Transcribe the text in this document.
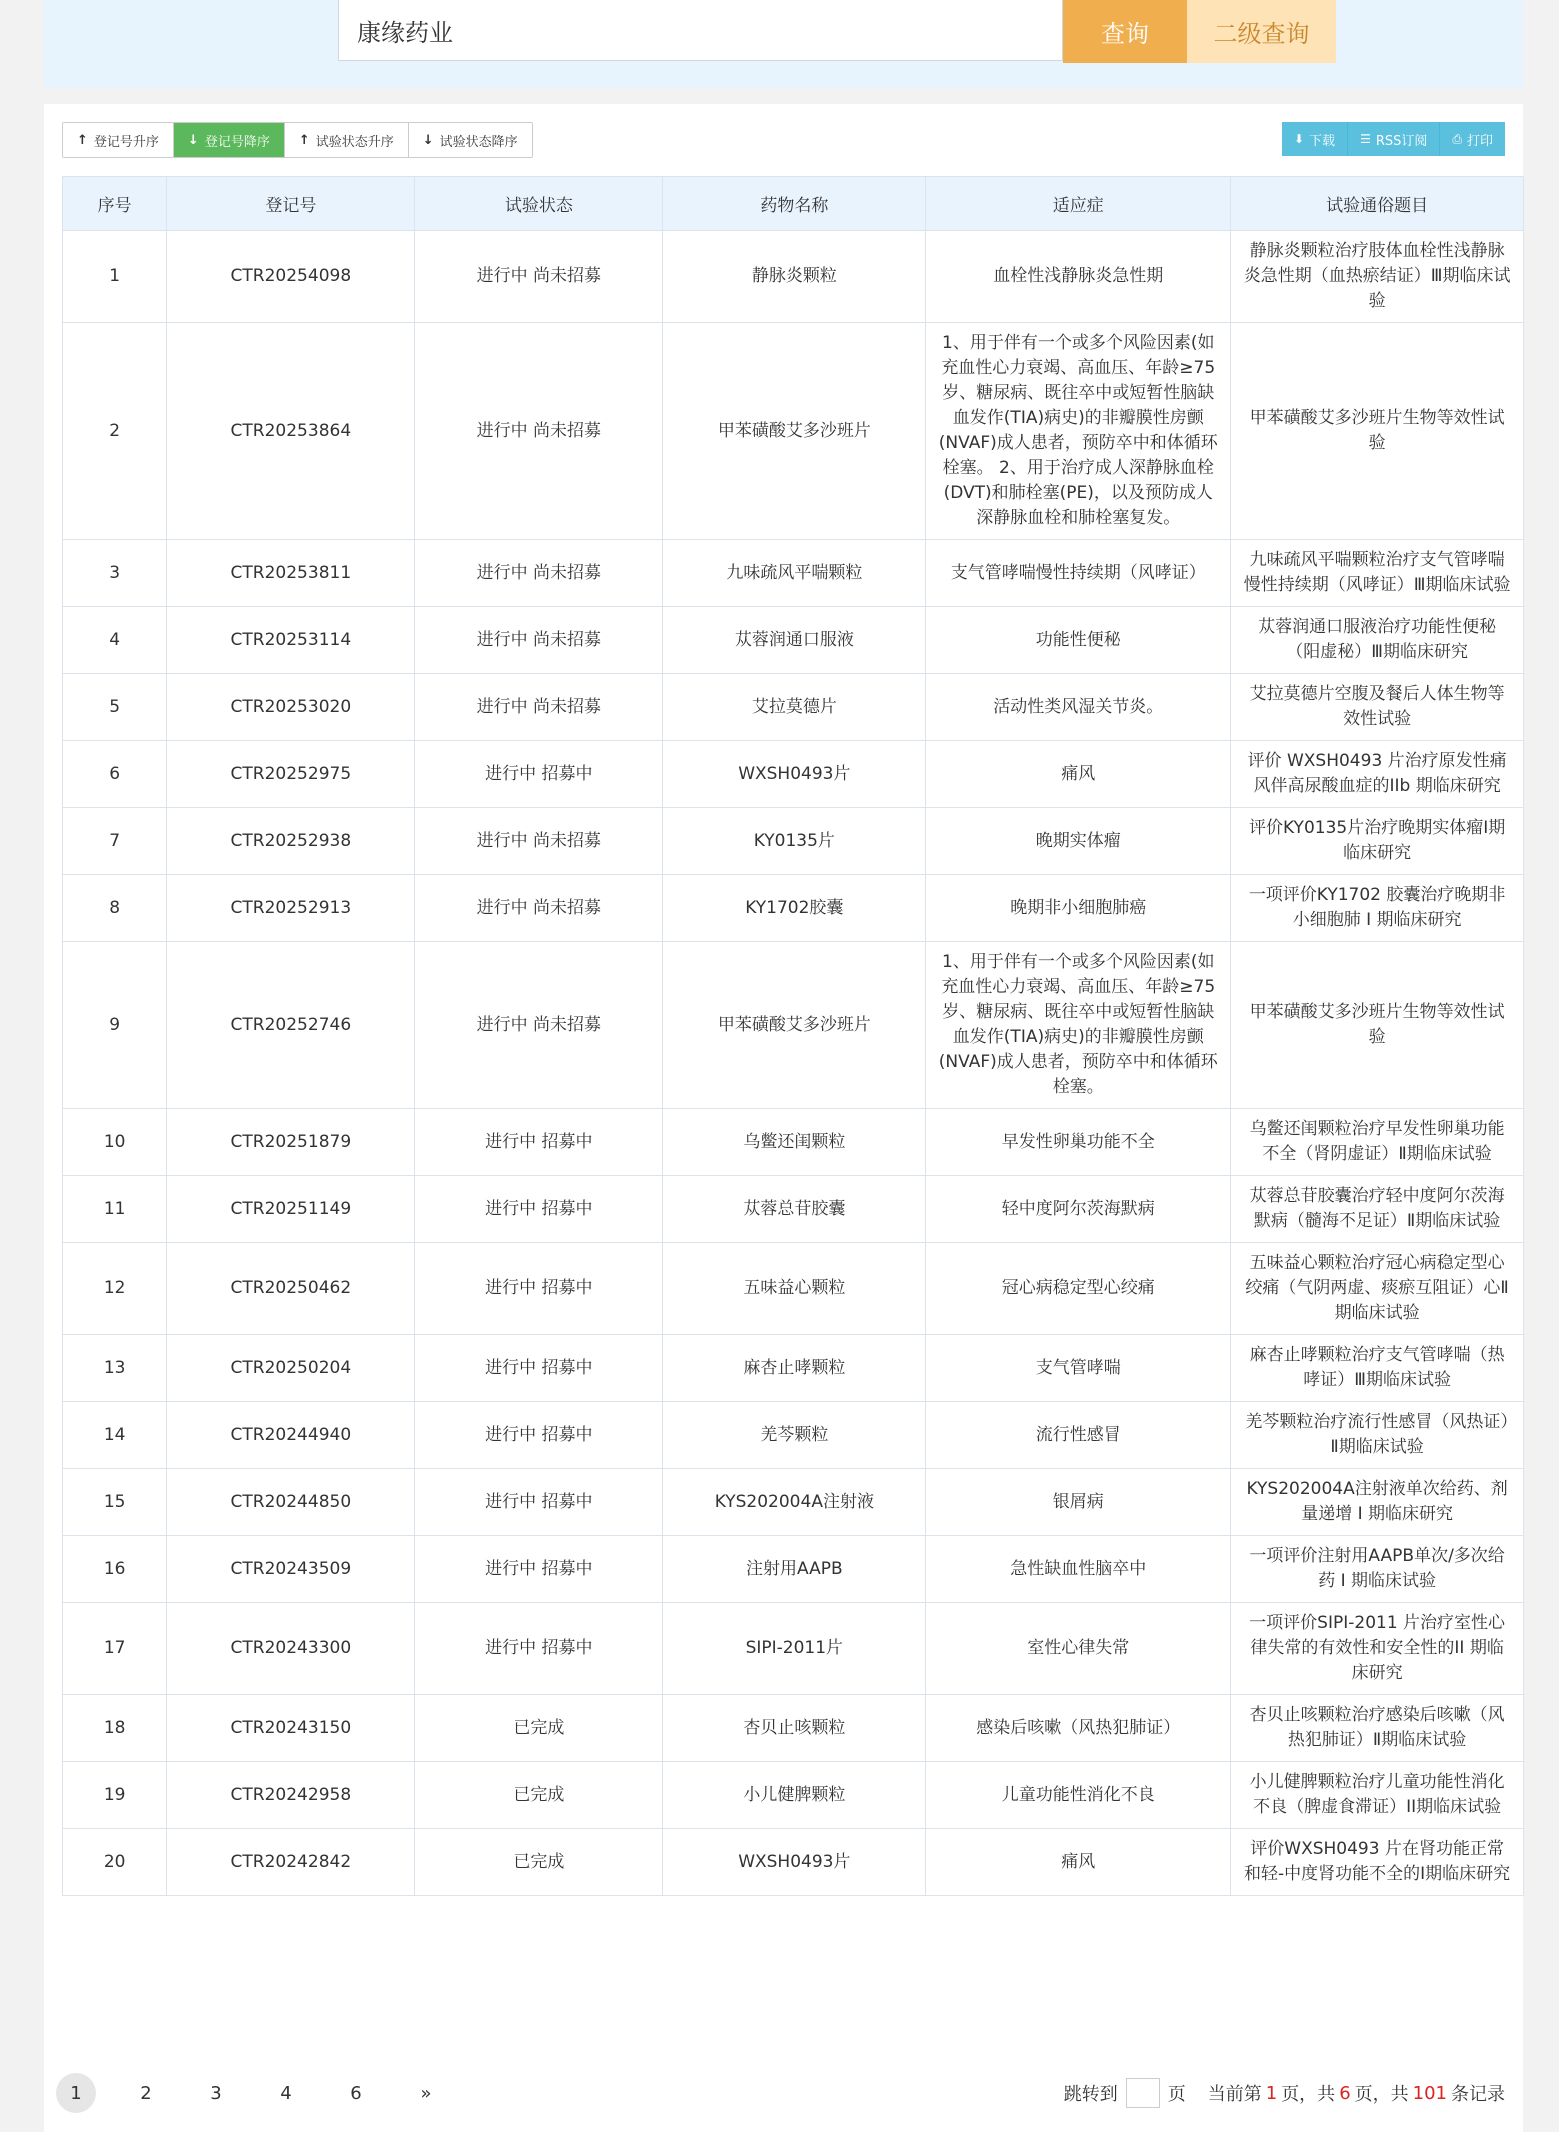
康缘药业
查询	二级查询
↑ 登记号升序 ↓ 登记号降序 ↑ 试验状态升序 ↓ 试验状态降序	⬇ 下载 ☰ RSS订阅 ⎙ 打印
序号	登记号	试验状态	药物名称	适应症	试验通俗题目
1	CTR20254098	进行中 尚未招募	静脉炎颗粒	血栓性浅静脉炎急性期	静脉炎颗粒治疗肢体血栓性浅静脉炎急性期（血热瘀结证）Ⅲ期临床试验
2	CTR20253864	进行中 尚未招募	甲苯磺酸艾多沙班片	1、用于伴有一个或多个风险因素(如充血性心力衰竭、高血压、年龄≥75岁、糖尿病、既往卒中或短暂性脑缺血发作(TIA)病史)的非瓣膜性房颤(NVAF)成人患者，预防卒中和体循环栓塞。 2、用于治疗成人深静脉血栓(DVT)和肺栓塞(PE)，以及预防成人深静脉血栓和肺栓塞复发。	甲苯磺酸艾多沙班片生物等效性试验
3	CTR20253811	进行中 尚未招募	九味疏风平喘颗粒	支气管哮喘慢性持续期（风哮证）	九味疏风平喘颗粒治疗支气管哮喘慢性持续期（风哮证）Ⅲ期临床试验
4	CTR20253114	进行中 尚未招募	苁蓉润通口服液	功能性便秘	苁蓉润通口服液治疗功能性便秘（阳虚秘）Ⅲ期临床研究
5	CTR20253020	进行中 尚未招募	艾拉莫德片	活动性类风湿关节炎。	艾拉莫德片空腹及餐后人体生物等效性试验
6	CTR20252975	进行中 招募中	WXSH0493片	痛风	评价 WXSH0493 片治疗原发性痛风伴高尿酸血症的IIb 期临床研究
7	CTR20252938	进行中 尚未招募	KY0135片	晚期实体瘤	评价KY0135片治疗晚期实体瘤I期临床研究
8	CTR20252913	进行中 尚未招募	KY1702胶囊	晚期非小细胞肺癌	一项评价KY1702 胶囊治疗晚期非小细胞肺 I 期临床研究
9	CTR20252746	进行中 尚未招募	甲苯磺酸艾多沙班片	1、用于伴有一个或多个风险因素(如充血性心力衰竭、高血压、年龄≥75岁、糖尿病、既往卒中或短暂性脑缺血发作(TIA)病史)的非瓣膜性房颤(NVAF)成人患者，预防卒中和体循环栓塞。	甲苯磺酸艾多沙班片生物等效性试验
10	CTR20251879	进行中 招募中	乌鳖还闺颗粒	早发性卵巢功能不全	乌鳖还闺颗粒治疗早发性卵巢功能不全（肾阴虚证）Ⅱ期临床试验
11	CTR20251149	进行中 招募中	苁蓉总苷胶囊	轻中度阿尔茨海默病	苁蓉总苷胶囊治疗轻中度阿尔茨海默病（髓海不足证）Ⅱ期临床试验
12	CTR20250462	进行中 招募中	五味益心颗粒	冠心病稳定型心绞痛	五味益心颗粒治疗冠心病稳定型心绞痛（气阴两虚、痰瘀互阻证）心Ⅱ期临床试验
13	CTR20250204	进行中 招募中	麻杏止哮颗粒	支气管哮喘	麻杏止哮颗粒治疗支气管哮喘（热哮证）Ⅲ期临床试验
14	CTR20244940	进行中 招募中	羌芩颗粒	流行性感冒	羌芩颗粒治疗流行性感冒（风热证）Ⅱ期临床试验
15	CTR20244850	进行中 招募中	KYS202004A注射液	银屑病	KYS202004A注射液单次给药、剂量递增 I 期临床研究
16	CTR20243509	进行中 招募中	注射用AAPB	急性缺血性脑卒中	一项评价注射用AAPB单次/多次给药 I 期临床试验
17	CTR20243300	进行中 招募中	SIPI-2011片	室性心律失常	一项评价SIPI-2011 片治疗室性心律失常的有效性和安全性的II 期临床研究
18	CTR20243150	已完成	杏贝止咳颗粒	感染后咳嗽（风热犯肺证）	杏贝止咳颗粒治疗感染后咳嗽（风热犯肺证）Ⅱ期临床试验
19	CTR20242958	已完成	小儿健脾颗粒	儿童功能性消化不良	小儿健脾颗粒治疗儿童功能性消化不良（脾虚食滞证）II期临床试验
20	CTR20242842	已完成	WXSH0493片	痛风	评价WXSH0493 片在肾功能正常和轻-中度肾功能不全的I期临床研究
1	2	3	4	6	»	跳转到	页 当前第 1 页，共 6 页，共 101 条记录
